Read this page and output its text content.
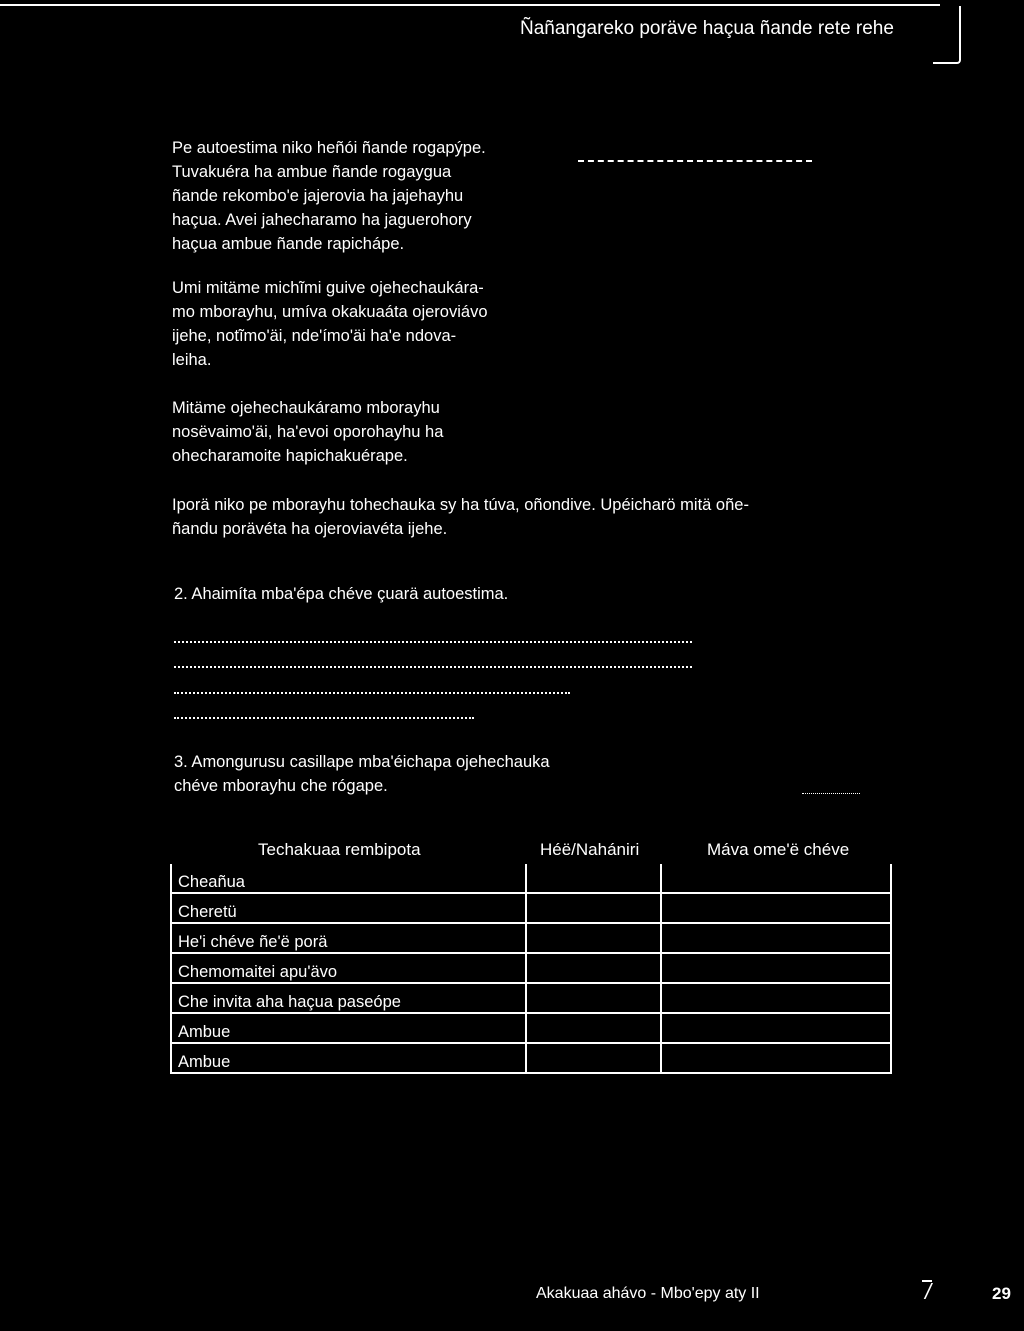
Ñañangareko poräve haçua ñande rete rehe
Pe autoestima niko heñói ñande rogapýpe.
Tuvakuéra ha ambue ñande rogaygua
ñande rekombo'e jajerovia ha jajehayhu
haçua. Avei jahecharamo ha jaguerohory
haçua ambue ñande rapichápe.
Umi mitäme michĩmi guive ojehechaukára-
mo mborayhu, umíva okakuaáta ojeroviávo
ijehe, notĩmo'äi, nde'ímo'äi ha'e ndova-
leiha.
Mitäme ojehechaukáramo mborayhu
nosëvaimo'äi, ha'evoi oporohayhu ha
ohecharamoite hapichakuérape.
Iporä niko pe mborayhu tohechauka sy ha túva, oñondive. Upéicharö mitä oñe-
ñandu porävéta ha ojeroviavéta ijehe.
2. Ahaimíta mba'épa chéve çuarä autoestima.
3. Amongurusu casillape mba'éichapa ojehechauka
chéve mborayhu che rógape.
Techakuaa rembipota	Héë/Nahániri	Máva ome'ë chéve
Cheañua		
Cheretü		
He'i chéve ñe'ë porä		
Chemomaitei apu'ävo		
Che invita aha haçua paseópe		
Ambue		
Ambue		
Akakuaa ahávo - Mbo'epy aty II	/	29
